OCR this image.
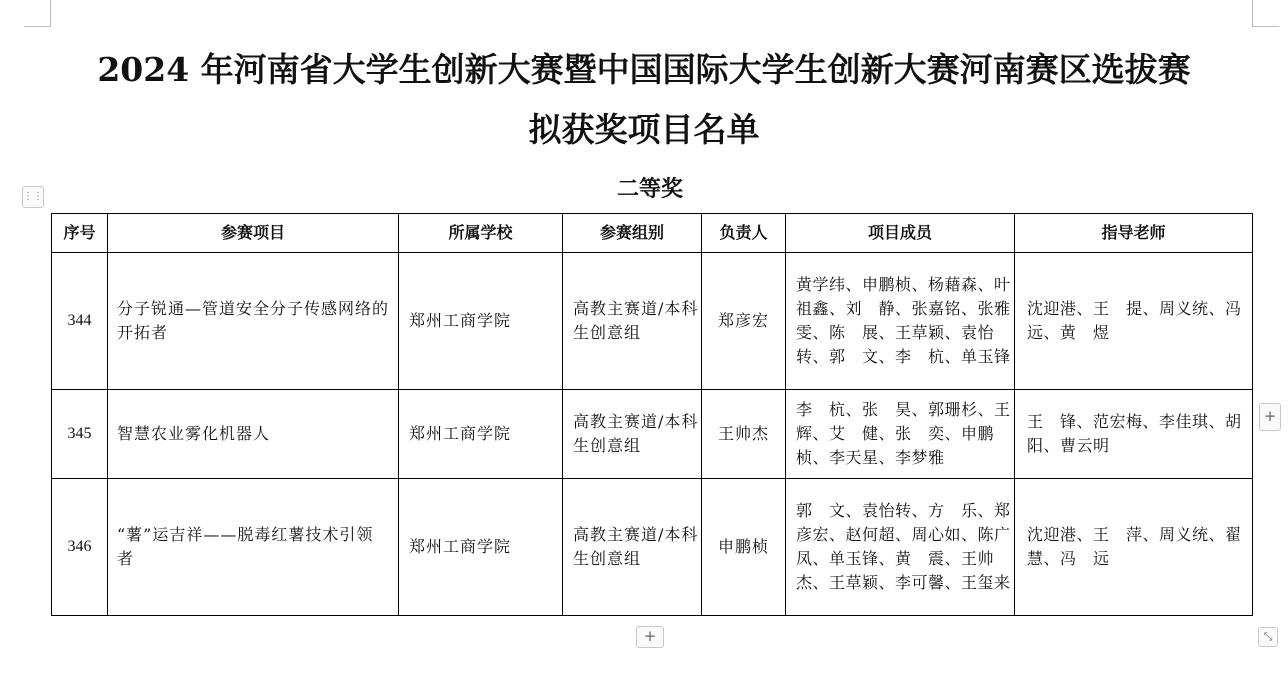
2024 年河南省大学生创新大赛暨中国国际大学生创新大赛河南赛区选拔赛
拟获奖项目名单
二等奖
⋮⋮
序号	参赛项目	所属学校	参赛组别	负责人	项目成员	指导老师
344	分子锐通—管道安全分子传感网络的开拓者	郑州工商学院	高教主赛道/本科生创意组	郑彦宏	黄学纬、申鹏桢、杨藉森、叶祖鑫、刘　静、张嘉铭、张雅雯、陈　展、王草颖、袁怡转、郭　文、李　杭、单玉锋	沈迎港、王　提、周义统、冯　远、黄　煜
345	智慧农业雾化机器人	郑州工商学院	高教主赛道/本科生创意组	王帅杰	李　杭、张　昊、郭珊杉、王　辉、艾　健、张　奕、申鹏桢、李天星、李梦雅	王　锋、范宏梅、李佳琪、胡　阳、曹云明
346	“薯”运吉祥——脱毒红薯技术引领者	郑州工商学院	高教主赛道/本科生创意组	申鹏桢	郭　文、袁怡转、方　乐、郑彦宏、赵何超、周心如、陈广凤、单玉锋、黄　震、王帅杰、王草颖、李可馨、王玺来	沈迎港、王　萍、周义统、翟　慧、冯　远
+
+	⤡
